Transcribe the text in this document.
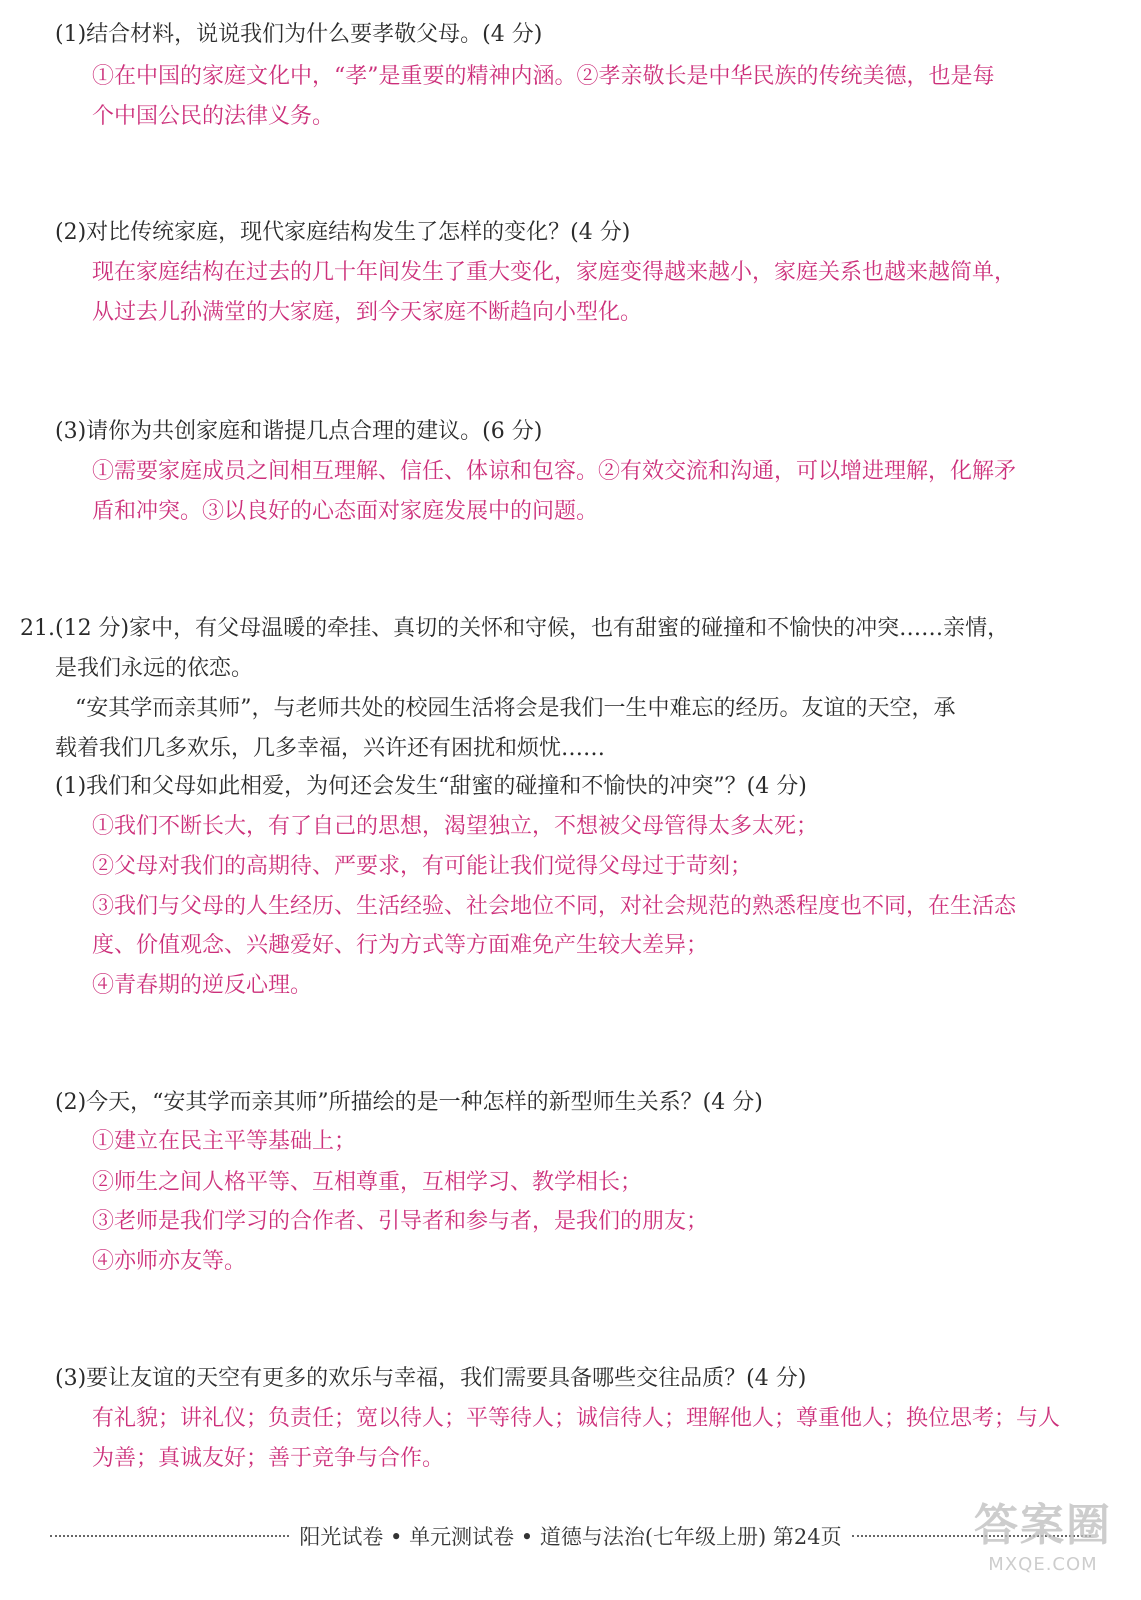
(1)结合材料，说说我们为什么要孝敬父母。(4 分)
①在中国的家庭文化中，“孝”是重要的精神内涵。②孝亲敬长是中华民族的传统美德，也是每
个中国公民的法律义务。
(2)对比传统家庭，现代家庭结构发生了怎样的变化？(4 分)
现在家庭结构在过去的几十年间发生了重大变化，家庭变得越来越小，家庭关系也越来越简单，
从过去儿孙满堂的大家庭，到今天家庭不断趋向小型化。
(3)请你为共创家庭和谐提几点合理的建议。(6 分)
①需要家庭成员之间相互理解、信任、体谅和包容。②有效交流和沟通，可以增进理解，化解矛
盾和冲突。③以良好的心态面对家庭发展中的问题。
21.(12 分)家中，有父母温暖的牵挂、真切的关怀和守候，也有甜蜜的碰撞和不愉快的冲突……亲情，
是我们永远的依恋。
“安其学而亲其师”，与老师共处的校园生活将会是我们一生中难忘的经历。友谊的天空，承
载着我们几多欢乐，几多幸福，兴许还有困扰和烦忧……
(1)我们和父母如此相爱，为何还会发生“甜蜜的碰撞和不愉快的冲突”？(4 分)
①我们不断长大，有了自己的思想，渴望独立，不想被父母管得太多太死；
②父母对我们的高期待、严要求，有可能让我们觉得父母过于苛刻；
③我们与父母的人生经历、生活经验、社会地位不同，对社会规范的熟悉程度也不同，在生活态
度、价值观念、兴趣爱好、行为方式等方面难免产生较大差异；
④青春期的逆反心理。
(2)今天，“安其学而亲其师”所描绘的是一种怎样的新型师生关系？(4 分)
①建立在民主平等基础上；
②师生之间人格平等、互相尊重，互相学习、教学相长；
③老师是我们学习的合作者、引导者和参与者，是我们的朋友；
④亦师亦友等。
(3)要让友谊的天空有更多的欢乐与幸福，我们需要具备哪些交往品质？(4 分)
有礼貌；讲礼仪；负责任；宽以待人；平等待人；诚信待人；理解他人；尊重他人；换位思考；与人
为善；真诚友好；善于竞争与合作。
阳光试卷 • 单元测试卷 • 道德与法治(七年级上册) 第24页	答案圈
MXQE.COM
